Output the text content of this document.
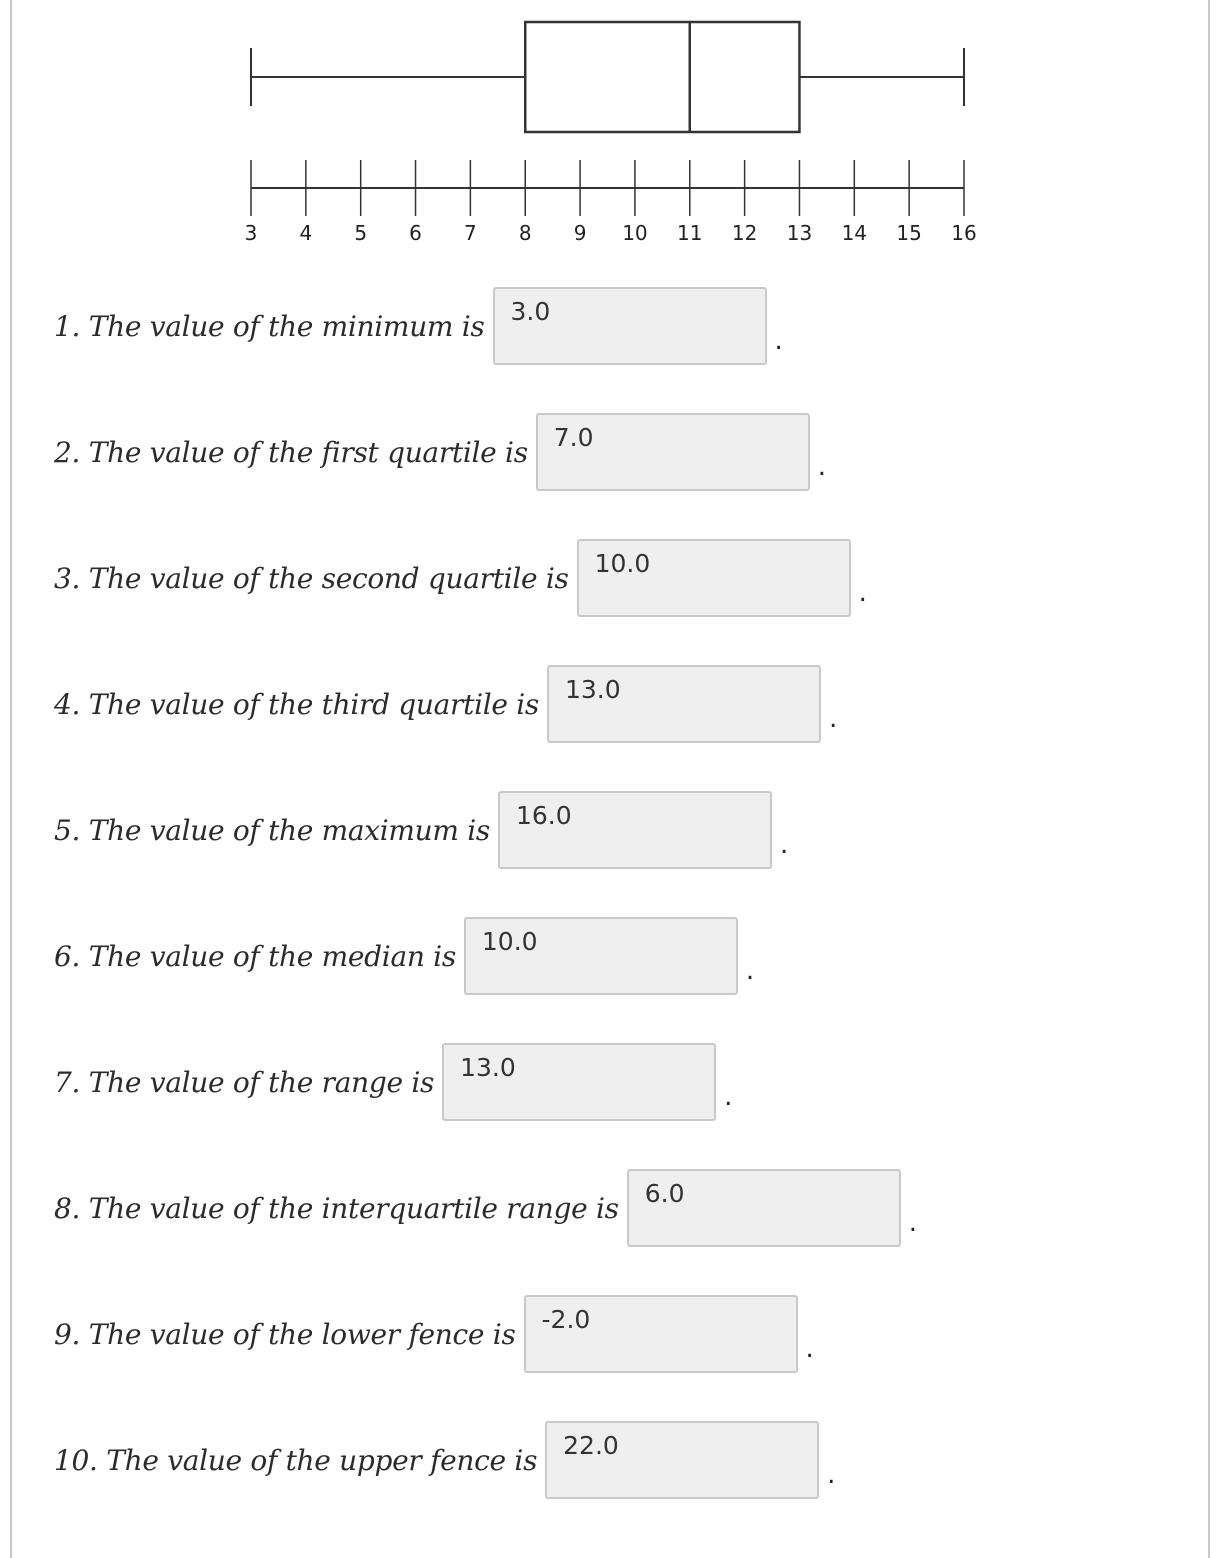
3 4 5 6 7 8 9 10 11 12 13 14 15 16
1. The value of the minimum is
3.0	.
2. The value of the first quartile is
7.0	.
3. The value of the second quartile is
10.0	.
4. The value of the third quartile is
13.0	.
5. The value of the maximum is
16.0	.
6. The value of the median is
10.0	.
7. The value of the range is
13.0	.
8. The value of the interquartile range is
6.0	.
9. The value of the lower fence is
-2.0	.
10. The value of the upper fence is
22.0	.
